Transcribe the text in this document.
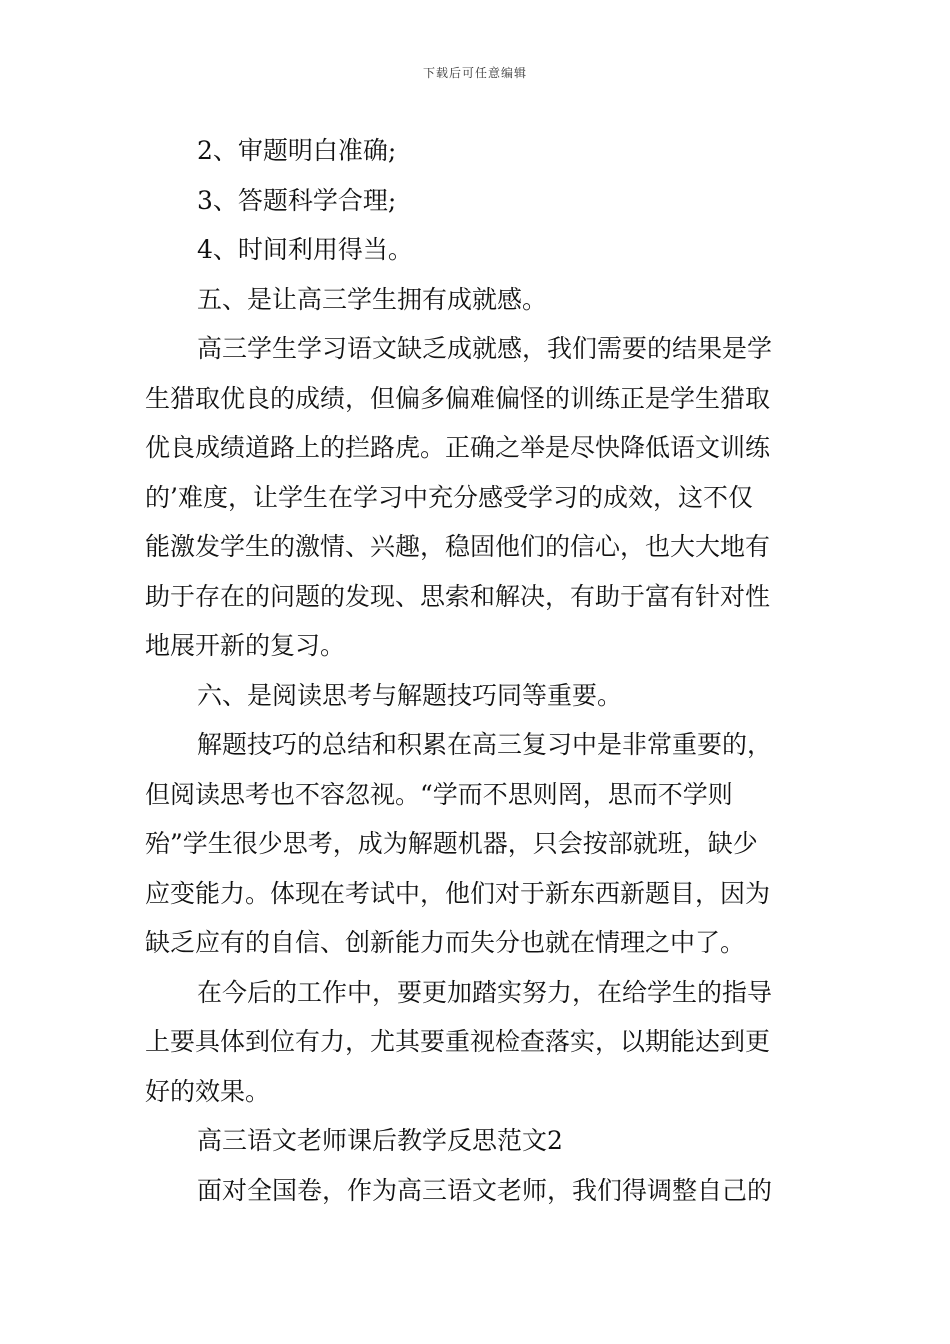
下载后可任意编辑
2、审题明白准确;
3、答题科学合理;
4、时间利用得当。
五、是让高三学生拥有成就感。
高三学生学习语文缺乏成就感，我们需要的结果是学
生猎取优良的成绩，但偏多偏难偏怪的训练正是学生猎取
优良成绩道路上的拦路虎。正确之举是尽快降低语文训练
的’难度，让学生在学习中充分感受学习的成效，这不仅
能激发学生的激情、兴趣，稳固他们的信心，也大大地有
助于存在的问题的发现、思索和解决，有助于富有针对性
地展开新的复习。
六、是阅读思考与解题技巧同等重要。
解题技巧的总结和积累在高三复习中是非常重要的，
但阅读思考也不容忽视。“学而不思则罔，思而不学则
殆”学生很少思考，成为解题机器，只会按部就班，缺少
应变能力。体现在考试中，他们对于新东西新题目，因为
缺乏应有的自信、创新能力而失分也就在情理之中了。
在今后的工作中，要更加踏实努力，在给学生的指导
上要具体到位有力，尤其要重视检查落实，以期能达到更
好的效果。
高三语文老师课后教学反思范文2
面对全国卷，作为高三语文老师，我们得调整自己的
